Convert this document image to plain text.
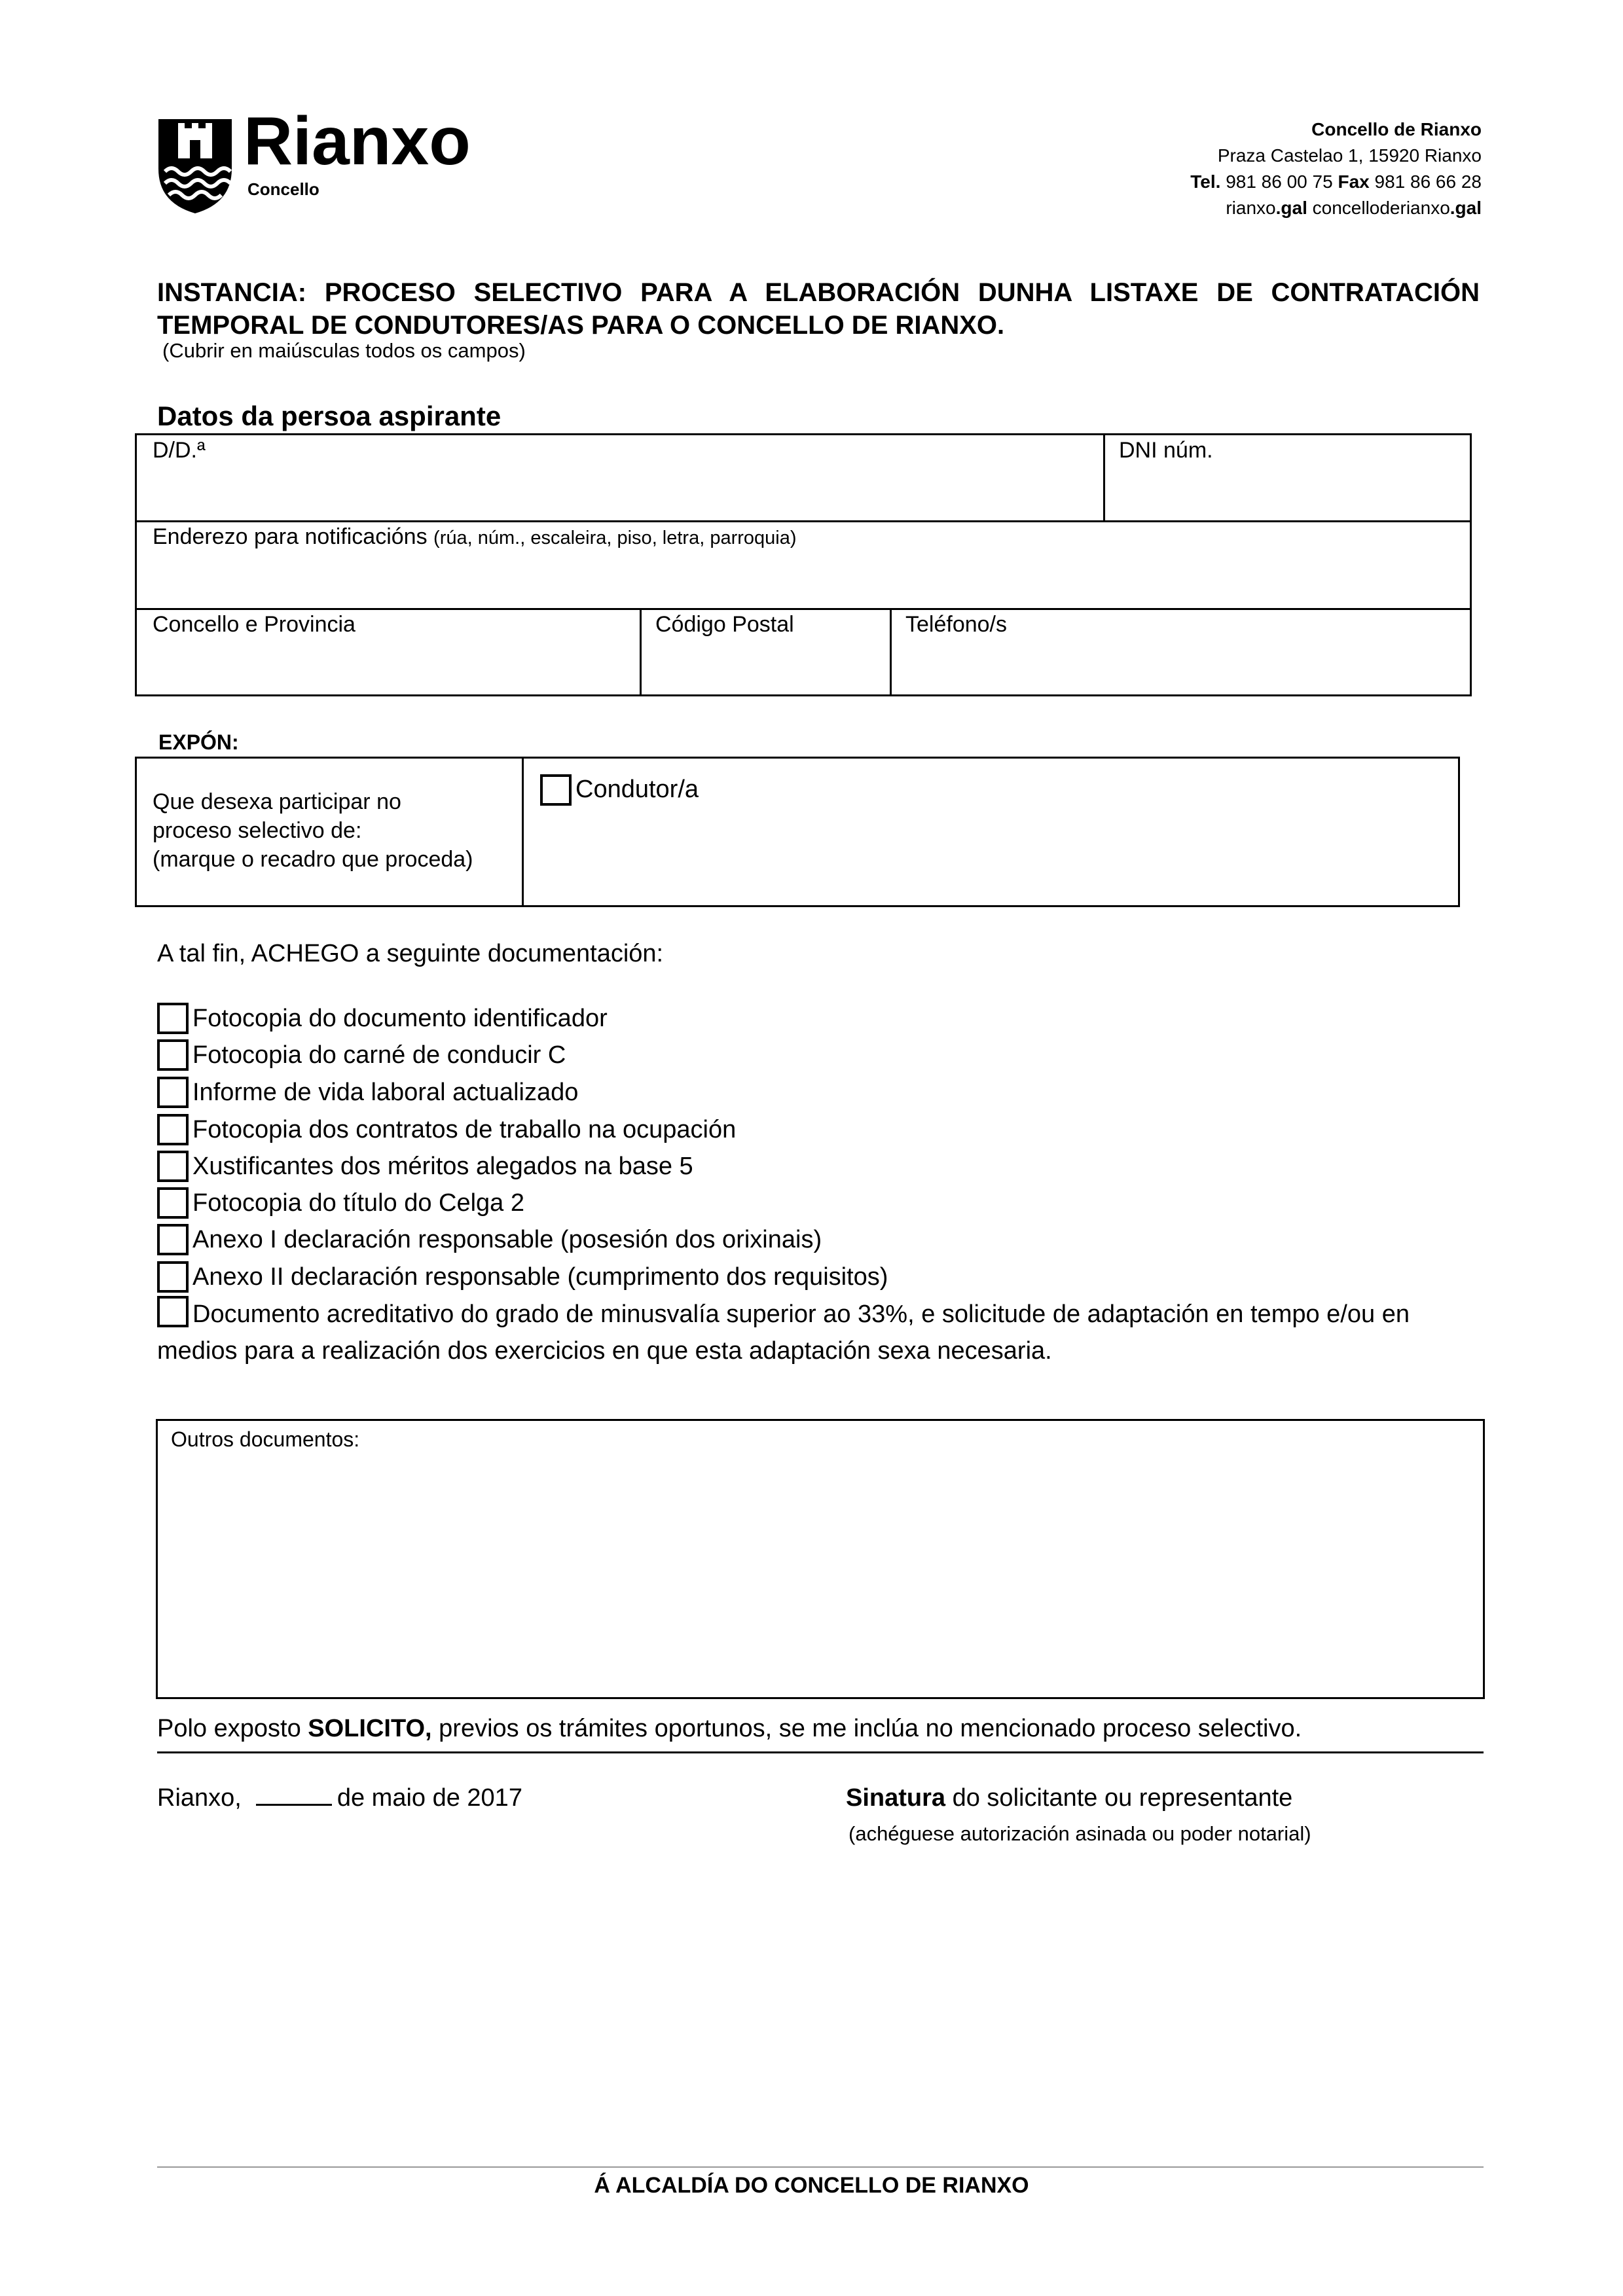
Rianxo
Concello
Concello de Rianxo
Praza Castelao 1, 15920 Rianxo
Tel. 981 86 00 75 Fax 981 86 66 28
rianxo.gal concelloderianxo.gal
INSTANCIA: PROCESO SELECTIVO PARA A ELABORACIÓN DUNHA LISTAXE DE CONTRATACIÓN TEMPORAL DE CONDUTORES/AS PARA O CONCELLO DE RIANXO.
(Cubrir en maiúsculas todos os campos)
Datos da persoa aspirante
D/D.ª	DNI núm.
Enderezo para notificacións (rúa, núm., escaleira, piso, letra, parroquia)
Concello e Provincia	Código Postal	Teléfono/s
EXPÓN:
Que desexa participar no
proceso selectivo de:
(marque o recadro que proceda)
Condutor/a
A tal fin, ACHEGO a seguinte documentación:
Fotocopia do documento identificador
Fotocopia do carné de conducir C
Informe de vida laboral actualizado
Fotocopia dos contratos de traballo na ocupación
Xustificantes dos méritos alegados na base 5
Fotocopia do título do Celga 2
Anexo I declaración responsable (posesión dos orixinais)
Anexo II declaración responsable (cumprimento dos requisitos)
Documento acreditativo do grado de minusvalía superior ao 33%, e solicitude de adaptación en tempo e/ou en medios para a realización dos exercicios en que esta adaptación sexa necesaria.
Outros documentos:
Polo exposto SOLICITO, previos os trámites oportunos, se me inclúa no mencionado proceso selectivo.
Rianxo,	de maio de 2017	Sinatura do solicitante ou representante
(achéguese autorización asinada ou poder notarial)
Á ALCALDÍA DO CONCELLO DE RIANXO
